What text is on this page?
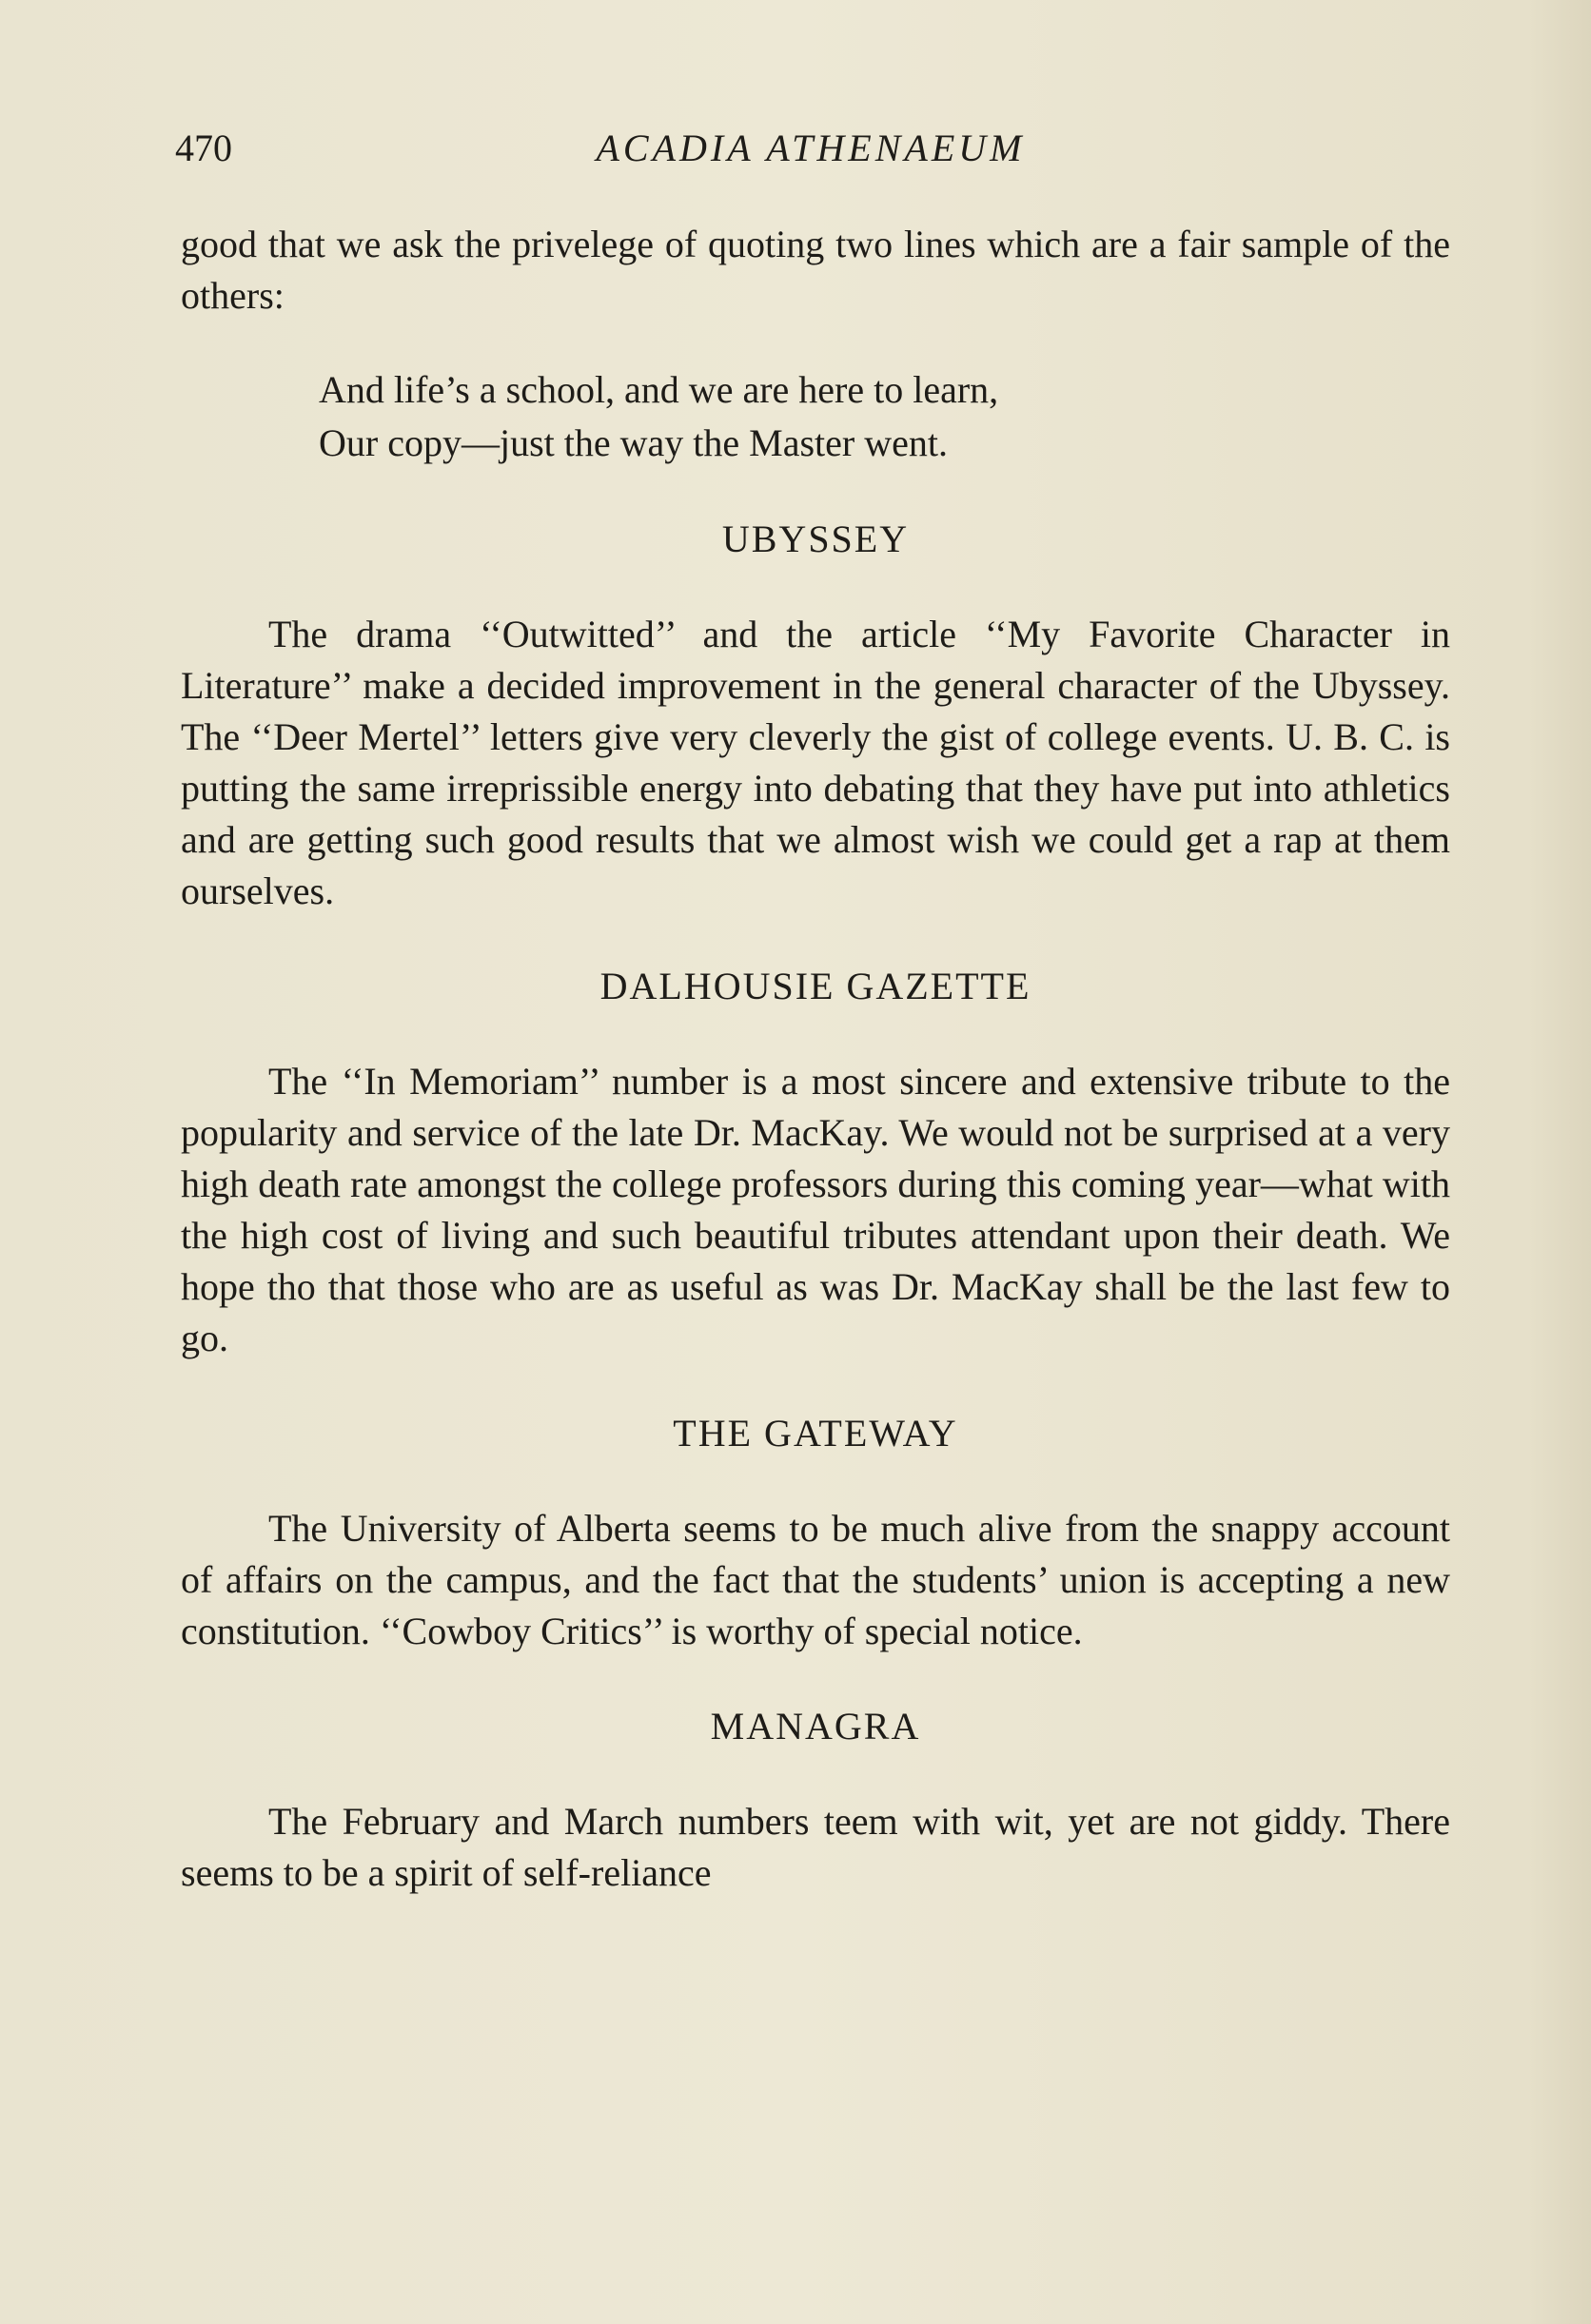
470	ACADIA ATHENAEUM

good that we ask the privelege of quoting two lines which are a fair sample of the others:

And life’s a school, and we are here to learn,

Our copy—just the way the Master went.

UBYSSEY

The drama ‘‘Outwitted’’ and the article ‘‘My Favorite Character in Literature’’ make a decided improvement in the general character of the Ubyssey. The ‘‘Deer Mertel’’ letters give very cleverly the gist of college events. U. B. C. is putting the same irreprissible energy into debating that they have put into athletics and are getting such good results that we almost wish we could get a rap at them ourselves.

DALHOUSIE GAZETTE

The ‘‘In Memoriam’’ number is a most sincere and extensive tribute to the popularity and service of the late Dr. MacKay. We would not be surprised at a very high death rate amongst the college professors during this coming year—what with the high cost of living and such beautiful tributes attendant upon their death. We hope tho that those who are as useful as was Dr. MacKay shall be the last few to go.

THE GATEWAY

The University of Alberta seems to be much alive from the snappy account of affairs on the campus, and the fact that the students’ union is accepting a new constitution. ‘‘Cowboy Critics’’ is worthy of special notice.

MANAGRA

The February and March numbers teem with wit, yet are not giddy. There seems to be a spirit of self-reliance
